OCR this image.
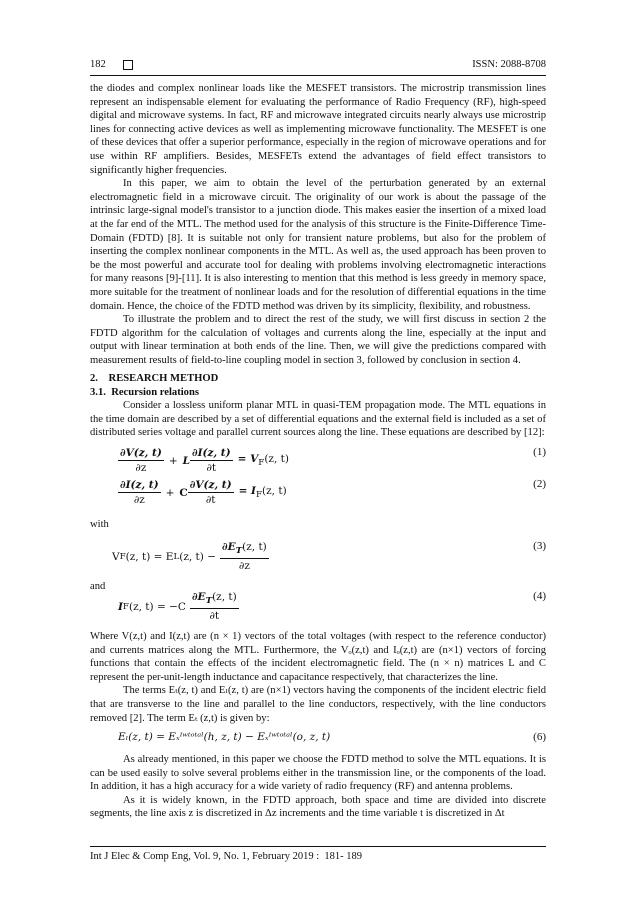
182	ISSN: 2088-8708

the diodes and complex nonlinear loads like the MESFET transistors. The microstrip transmission lines represent an indispensable element for evaluating the performance of Radio Frequency (RF), high-speed digital and microwave systems. In fact, RF and microwave integrated circuits nearly always use microstrip lines for connecting active devices as well as implementing microwave functionality. The MESFET is one of these devices that offer a superior performance, especially in the region of microwave operations and for use within RF amplifiers. Besides, MESFETs extend the advantages of field effect transistors to significantly higher frequencies.

In this paper, we aim to obtain the level of the perturbation generated by an external electromagnetic field in a microwave circuit. The originality of our work is about the passage of the intrinsic large-signal model's transistor to a junction diode. This makes easier the insertion of a mixed load at the far end of the MTL. The method used for the analysis of this structure is the Finite-Difference Time-Domain (FDTD) [8]. It is suitable not only for transient nature problems, but also for the problem of inserting the complex nonlinear components in the MTL. As well as, the used approach has been proven to be the most powerful and accurate tool for dealing with problems involving electromagnetic interactions for many reasons [9]-[11]. It is also interesting to mention that this method is less greedy in memory space, more suitable for the treatment of nonlinear loads and for the resolution of differential equations in the time domain. Hence, the choice of the FDTD method was driven by its simplicity, flexibility, and robustness.

To illustrate the problem and to direct the rest of the study, we will first discuss in section 2 the FDTD algorithm for the calculation of voltages and currents along the line, especially at the input and output with linear termination at both ends of the line. Then, we will give the predictions compared with measurement results of field-to-line coupling model in section 3, followed by conclusion in section 4.

2.    RESEARCH METHOD

3.1.  Recursion relations

Consider a lossless uniform planar MTL in quasi-TEM propagation mode. The MTL equations in the time domain are described by a set of differential equations and the external field is included as a set of distributed series voltage and parallel current sources along the line. These equations are described by [12]:

$\frac{\partial V(z, t)}{\partial z} + L \frac{\partial I(z, t)}{\partial t} = V_F(z$, t)
(1)
$\frac{\partial I(z, t)}{\partial z} + C \frac{\partial V(z, t)}{\partial t} = I_F(z$, t)
(2)
with
V F (z, t) = E L (z, $t) - \frac{\partial E_T(z, t)}{\partial z}$	(3)
and
I F (z, $t) = -C \frac{\partial E_T(z, t)}{\partial t}$	(4)

Where V(z,t) and I(z,t) are (n × 1) vectors of the total voltages (with respect to the reference conductor) and currents matrices along the MTL. Furthermore, the Vₒ(z,t) and Iₒ(z,t) are (n×1) vectors of forcing functions that contain the effects of the incident electromagnetic field. The (n × n) matrices L and C represent the per-unit-length inductance and capacitance respectively, that characterizes the line.

The terms Eₜ(z, t) and Eₗ(z, t) are (n×1) vectors having the components of the incident electric field that are transverse to the line and parallel to the line conductors, respectively, with the line conductors removed [2]. The term Eₜ (z,t) is given by:

Eₗ(z, t) = Eₓᴵʷᵗᵒᵗᵃˡ(h, z, t) − Eₓᴵʷᵗᵒᵗᵃˡ(o, z, t)	(6)

As already mentioned, in this paper we choose the FDTD method to solve the MTL equations. It is can be used easily to solve several problems either in the transmission line, or the components of the load. In addition, it has a high accuracy for a wide variety of radio frequency (RF) and antenna problems.

As it is widely known, in the FDTD approach, both space and time are divided into discrete segments, the line axis z is discretized in Δz increments and the time variable t is discretized in Δt

Int J Elec & Comp Eng, Vol. 9, No. 1, February 2019 :  181- 189
